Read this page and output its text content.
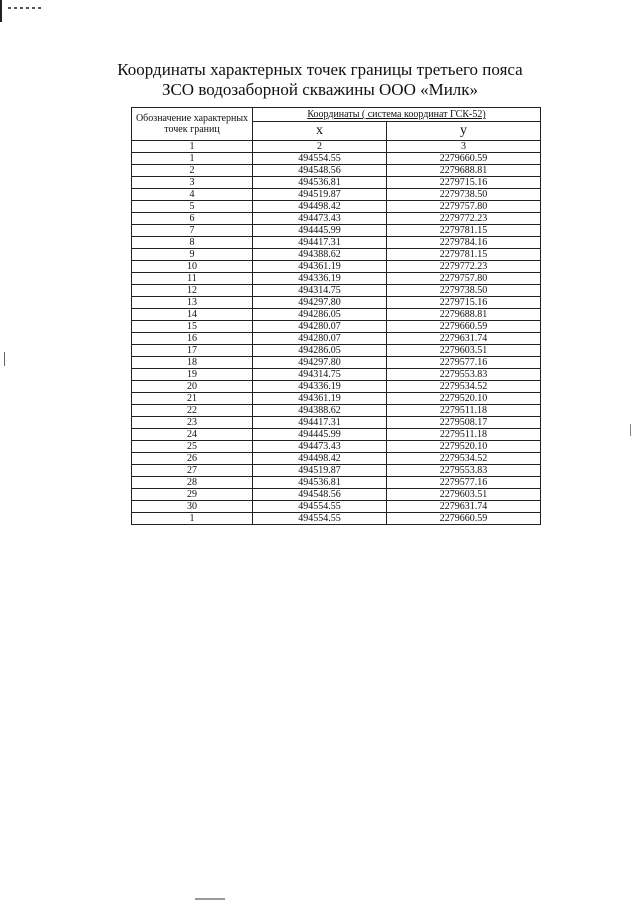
Координаты характерных точек границы третьего пояса
ЗСО водозаборной скважины ООО «Милк»
Обозначение характерных точек границ	Координаты ( система координат ГСК-52)	
	x	y
1	2	3
1	494554.55	2279660.59
2	494548.56	2279688.81
3	494536.81	2279715.16
4	494519.87	2279738.50
5	494498.42	2279757.80
6	494473.43	2279772.23
7	494445.99	2279781.15
8	494417.31	2279784.16
9	494388.62	2279781.15
10	494361.19	2279772.23
11	494336.19	2279757.80
12	494314.75	2279738.50
13	494297.80	2279715.16
14	494286.05	2279688.81
15	494280.07	2279660.59
16	494280.07	2279631.74
17	494286.05	2279603.51
18	494297.80	2279577.16
19	494314.75	2279553.83
20	494336.19	2279534.52
21	494361.19	2279520.10
22	494388.62	2279511.18
23	494417.31	2279508.17
24	494445.99	2279511.18
25	494473.43	2279520.10
26	494498.42	2279534.52
27	494519.87	2279553.83
28	494536.81	2279577.16
29	494548.56	2279603.51
30	494554.55	2279631.74
1	494554.55	2279660.59
